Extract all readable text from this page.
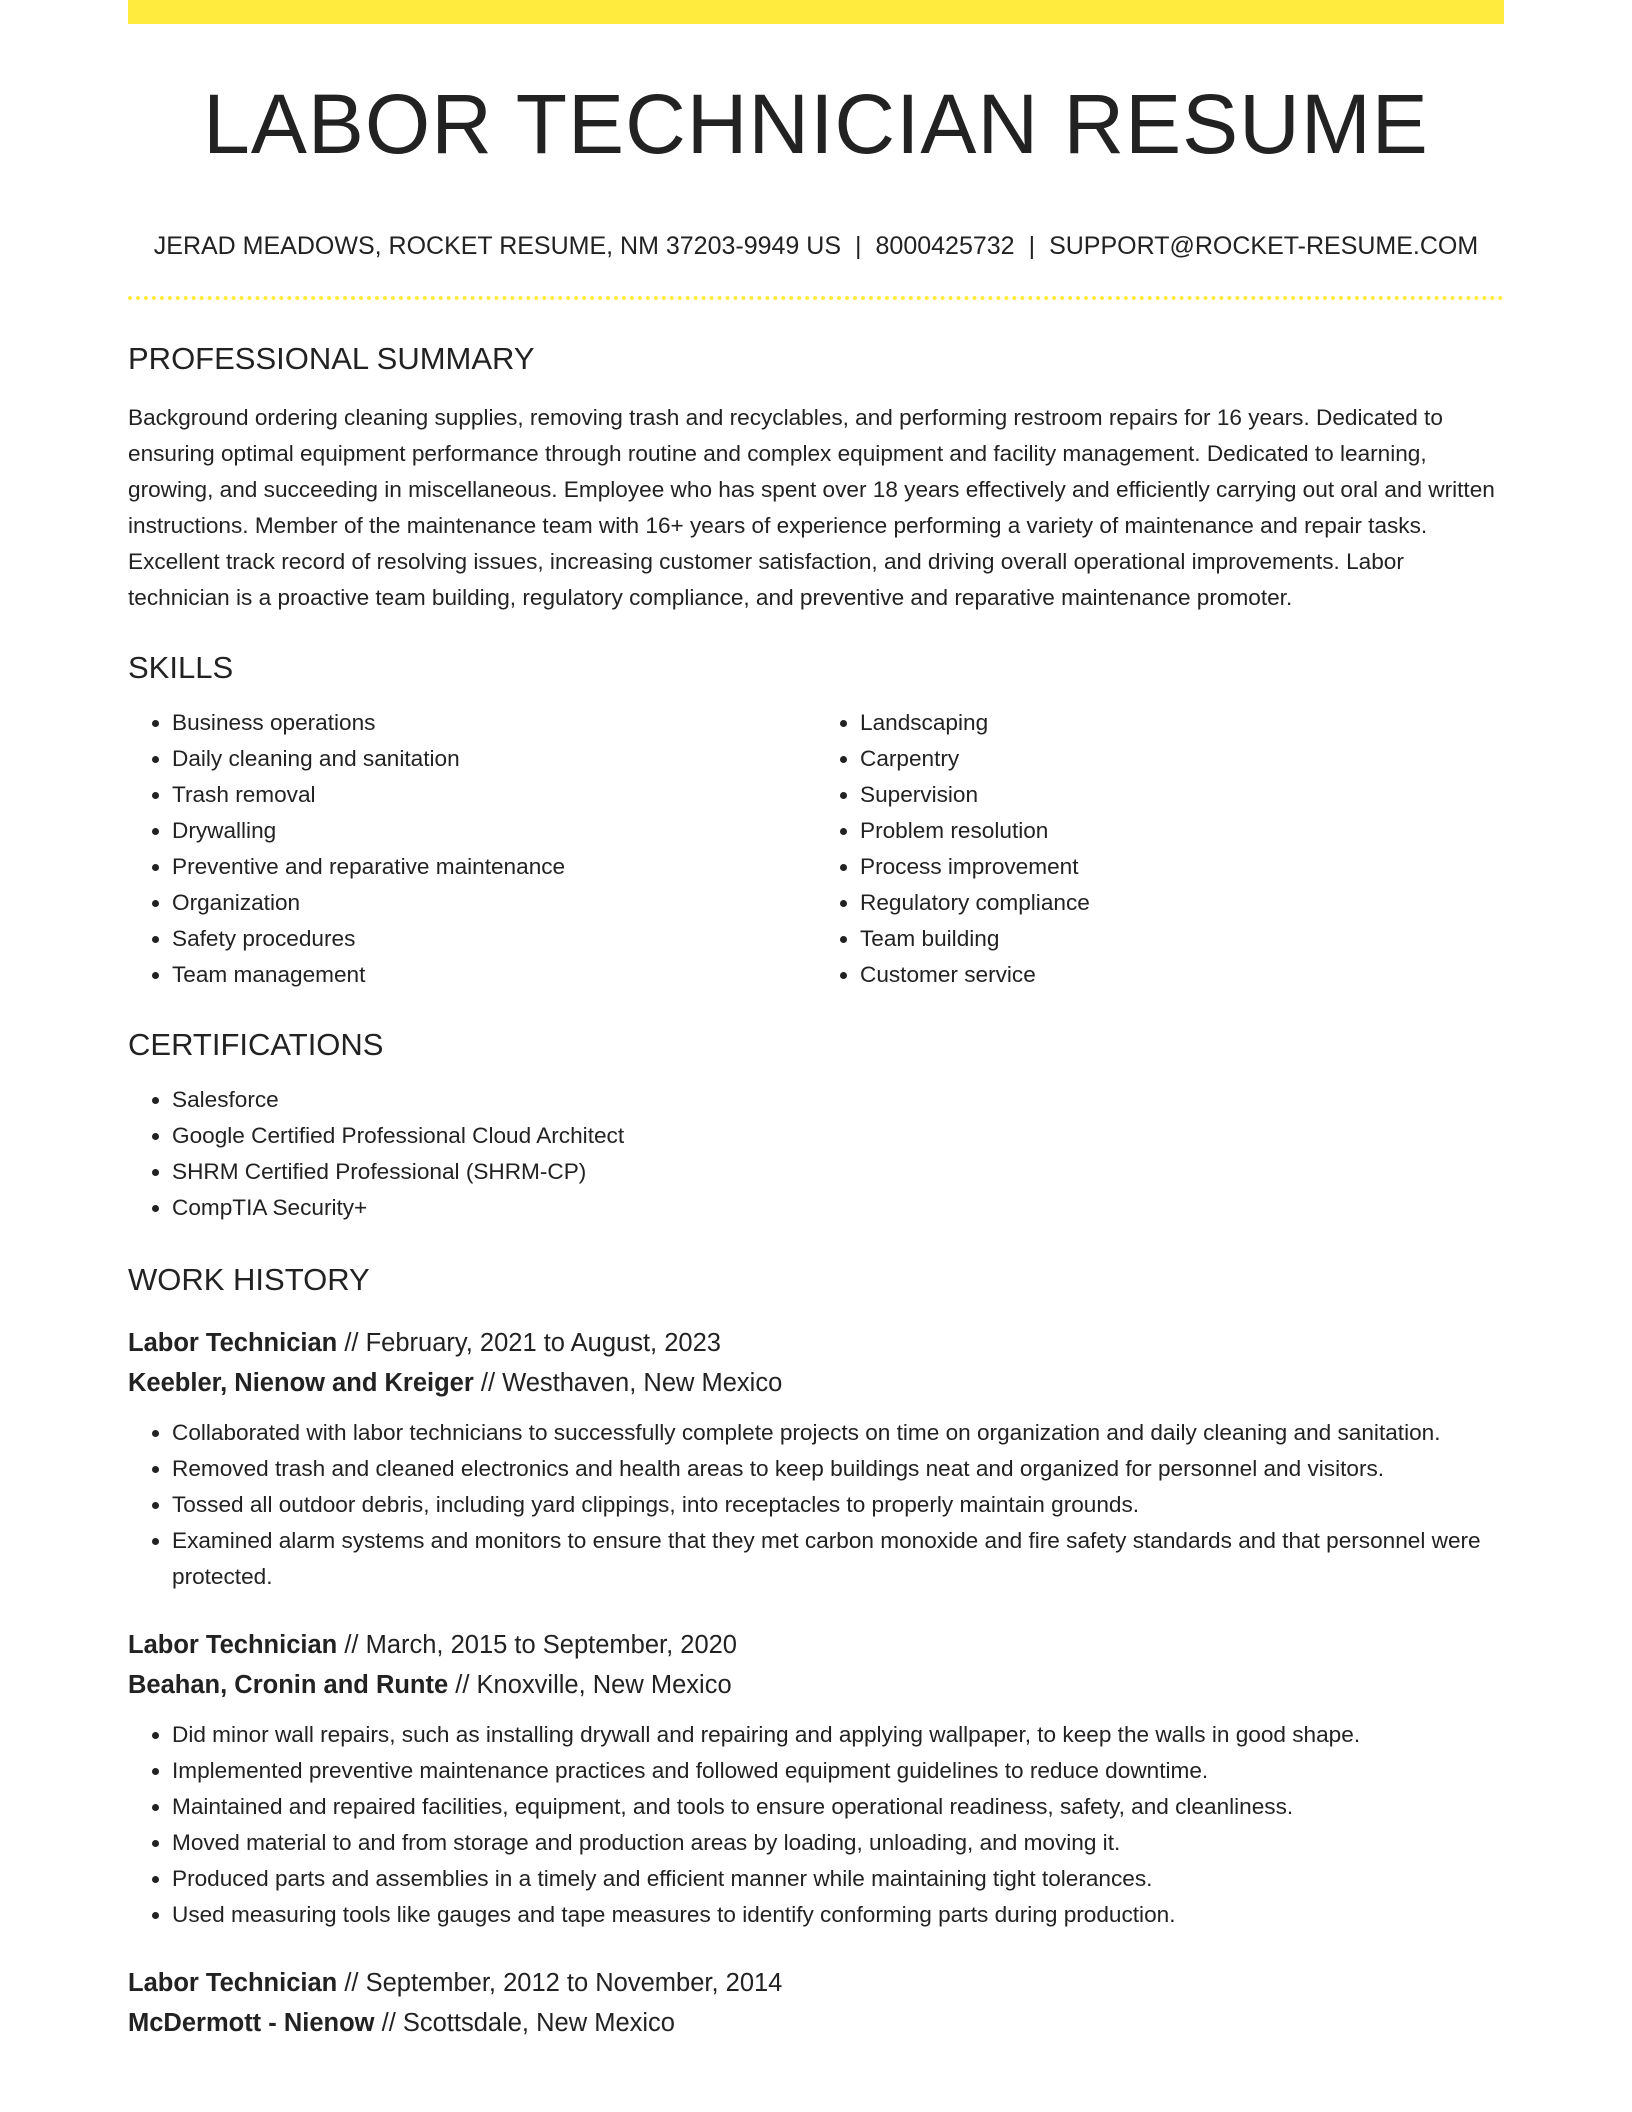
LABOR TECHNICIAN RESUME
JERAD MEADOWS, ROCKET RESUME, NM 37203-9949 US | 8000425732 | SUPPORT@ROCKET-RESUME.COM
PROFESSIONAL SUMMARY

Background ordering cleaning supplies, removing trash and recyclables, and performing restroom repairs for 16 years. Dedicated to ensuring optimal equipment performance through routine and complex equipment and facility management. Dedicated to learning, growing, and succeeding in miscellaneous. Employee who has spent over 18 years effectively and efficiently carrying out oral and written instructions. Member of the maintenance team with 16+ years of experience performing a variety of maintenance and repair tasks. Excellent track record of resolving issues, increasing customer satisfaction, and driving overall operational improvements. Labor technician is a proactive team building, regulatory compliance, and preventive and reparative maintenance promoter.

SKILLS
• Business operations
• Daily cleaning and sanitation
• Trash removal
• Drywalling
• Preventive and reparative maintenance
• Organization
• Safety procedures
• Team management
• Landscaping
• Carpentry
• Supervision
• Problem resolution
• Process improvement
• Regulatory compliance
• Team building
• Customer service
CERTIFICATIONS
• Salesforce
• Google Certified Professional Cloud Architect
• SHRM Certified Professional (SHRM-CP)
• CompTIA Security+
WORK HISTORY
Labor Technician // February, 2021 to August, 2023
Keebler, Nienow and Kreiger // Westhaven, New Mexico
• Collaborated with labor technicians to successfully complete projects on time on organization and daily cleaning and sanitation.
• Removed trash and cleaned electronics and health areas to keep buildings neat and organized for personnel and visitors.
• Tossed all outdoor debris, including yard clippings, into receptacles to properly maintain grounds.
• Examined alarm systems and monitors to ensure that they met carbon monoxide and fire safety standards and that personnel were protected.
Labor Technician // March, 2015 to September, 2020
Beahan, Cronin and Runte // Knoxville, New Mexico
• Did minor wall repairs, such as installing drywall and repairing and applying wallpaper, to keep the walls in good shape.
• Implemented preventive maintenance practices and followed equipment guidelines to reduce downtime.
• Maintained and repaired facilities, equipment, and tools to ensure operational readiness, safety, and cleanliness.
• Moved material to and from storage and production areas by loading, unloading, and moving it.
• Produced parts and assemblies in a timely and efficient manner while maintaining tight tolerances.
• Used measuring tools like gauges and tape measures to identify conforming parts during production.
Labor Technician // September, 2012 to November, 2014
McDermott - Nienow // Scottsdale, New Mexico
